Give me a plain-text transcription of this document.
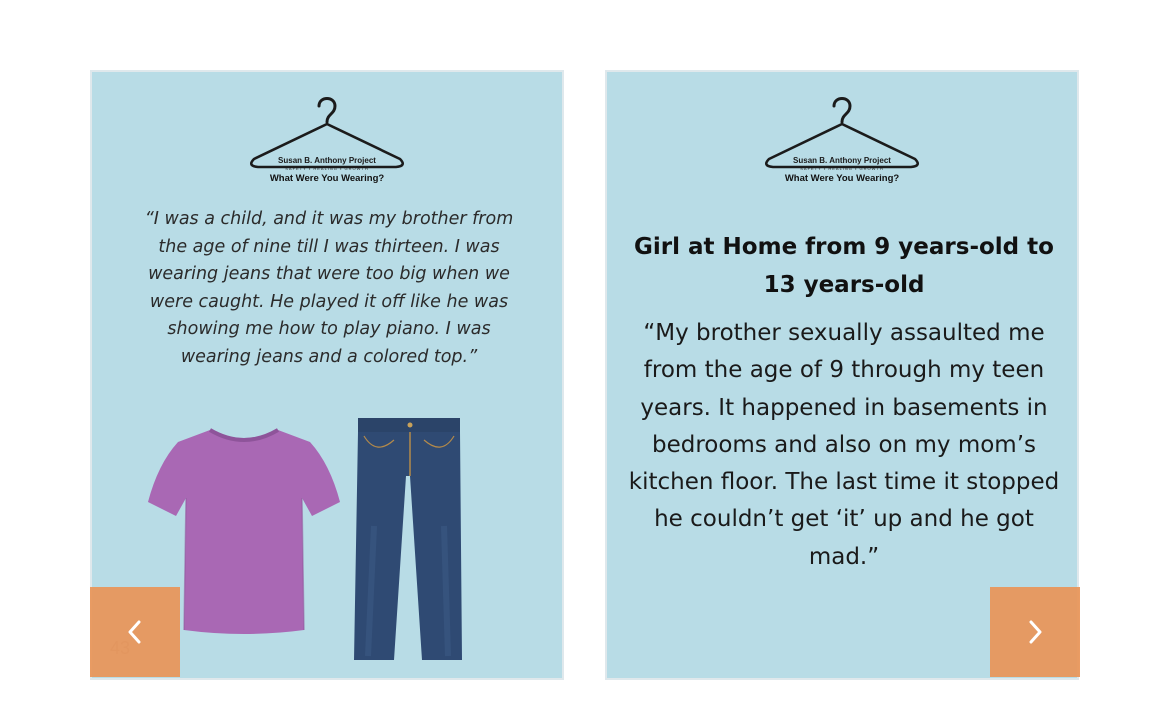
Susan B. Anthony Project
SAFETY • HEALING • GROWTH
What Were You Wearing?
“I was a child, and it was my brother from the age of nine till I was thirteen. I was wearing jeans that were too big when we were caught. He played it off like he was showing me how to play piano. I was wearing jeans and a colored top.”
Susan B. Anthony Project
SAFETY • HEALING • GROWTH
What Were You Wearing?
Girl at Home from 9 years-old to 13 years-old
“My brother sexually assaulted me from the age of 9 through my teen years. It happened in basements in bedrooms and also on my mom’s kitchen floor. The last time it stopped he couldn’t get ‘it’ up and he got mad.”
